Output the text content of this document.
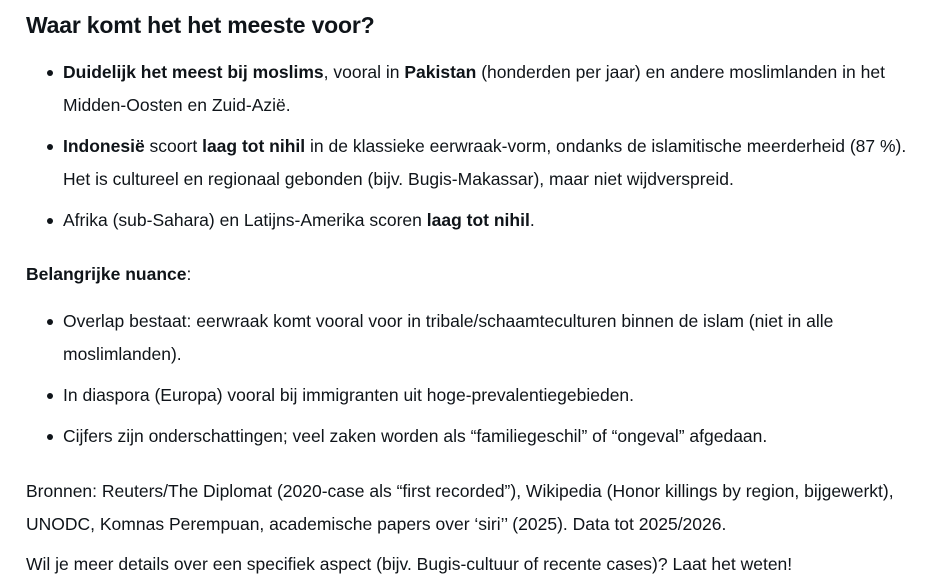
Waar komt het het meeste voor?
Duidelijk het meest bij moslims, vooral in Pakistan (honderden per jaar) en andere moslimlanden in het Midden-Oosten en Zuid-Azië.
Indonesië scoort laag tot nihil in de klassieke eerwraak-vorm, ondanks de islamitische meerderheid (87 %). Het is cultureel en regionaal gebonden (bijv. Bugis-Makassar), maar niet wijdverspreid.
Afrika (sub-Sahara) en Latijns-Amerika scoren laag tot nihil.

Belangrijke nuance:

Overlap bestaat: eerwraak komt vooral voor in tribale/schaamteculturen binnen de islam (niet in alle moslimlanden).
In diaspora (Europa) vooral bij immigranten uit hoge-prevalentiegebieden.
Cijfers zijn onderschattingen; veel zaken worden als “familiegeschil” of “ongeval” afgedaan.

Bronnen: Reuters/The Diplomat (2020-case als “first recorded”), Wikipedia (Honor killings by region, bijgewerkt), UNODC, Komnas Perempuan, academische papers over ‘siri’’ (2025). Data tot 2025/2026.

Wil je meer details over een specifiek aspect (bijv. Bugis-cultuur of recente cases)? Laat het weten!
